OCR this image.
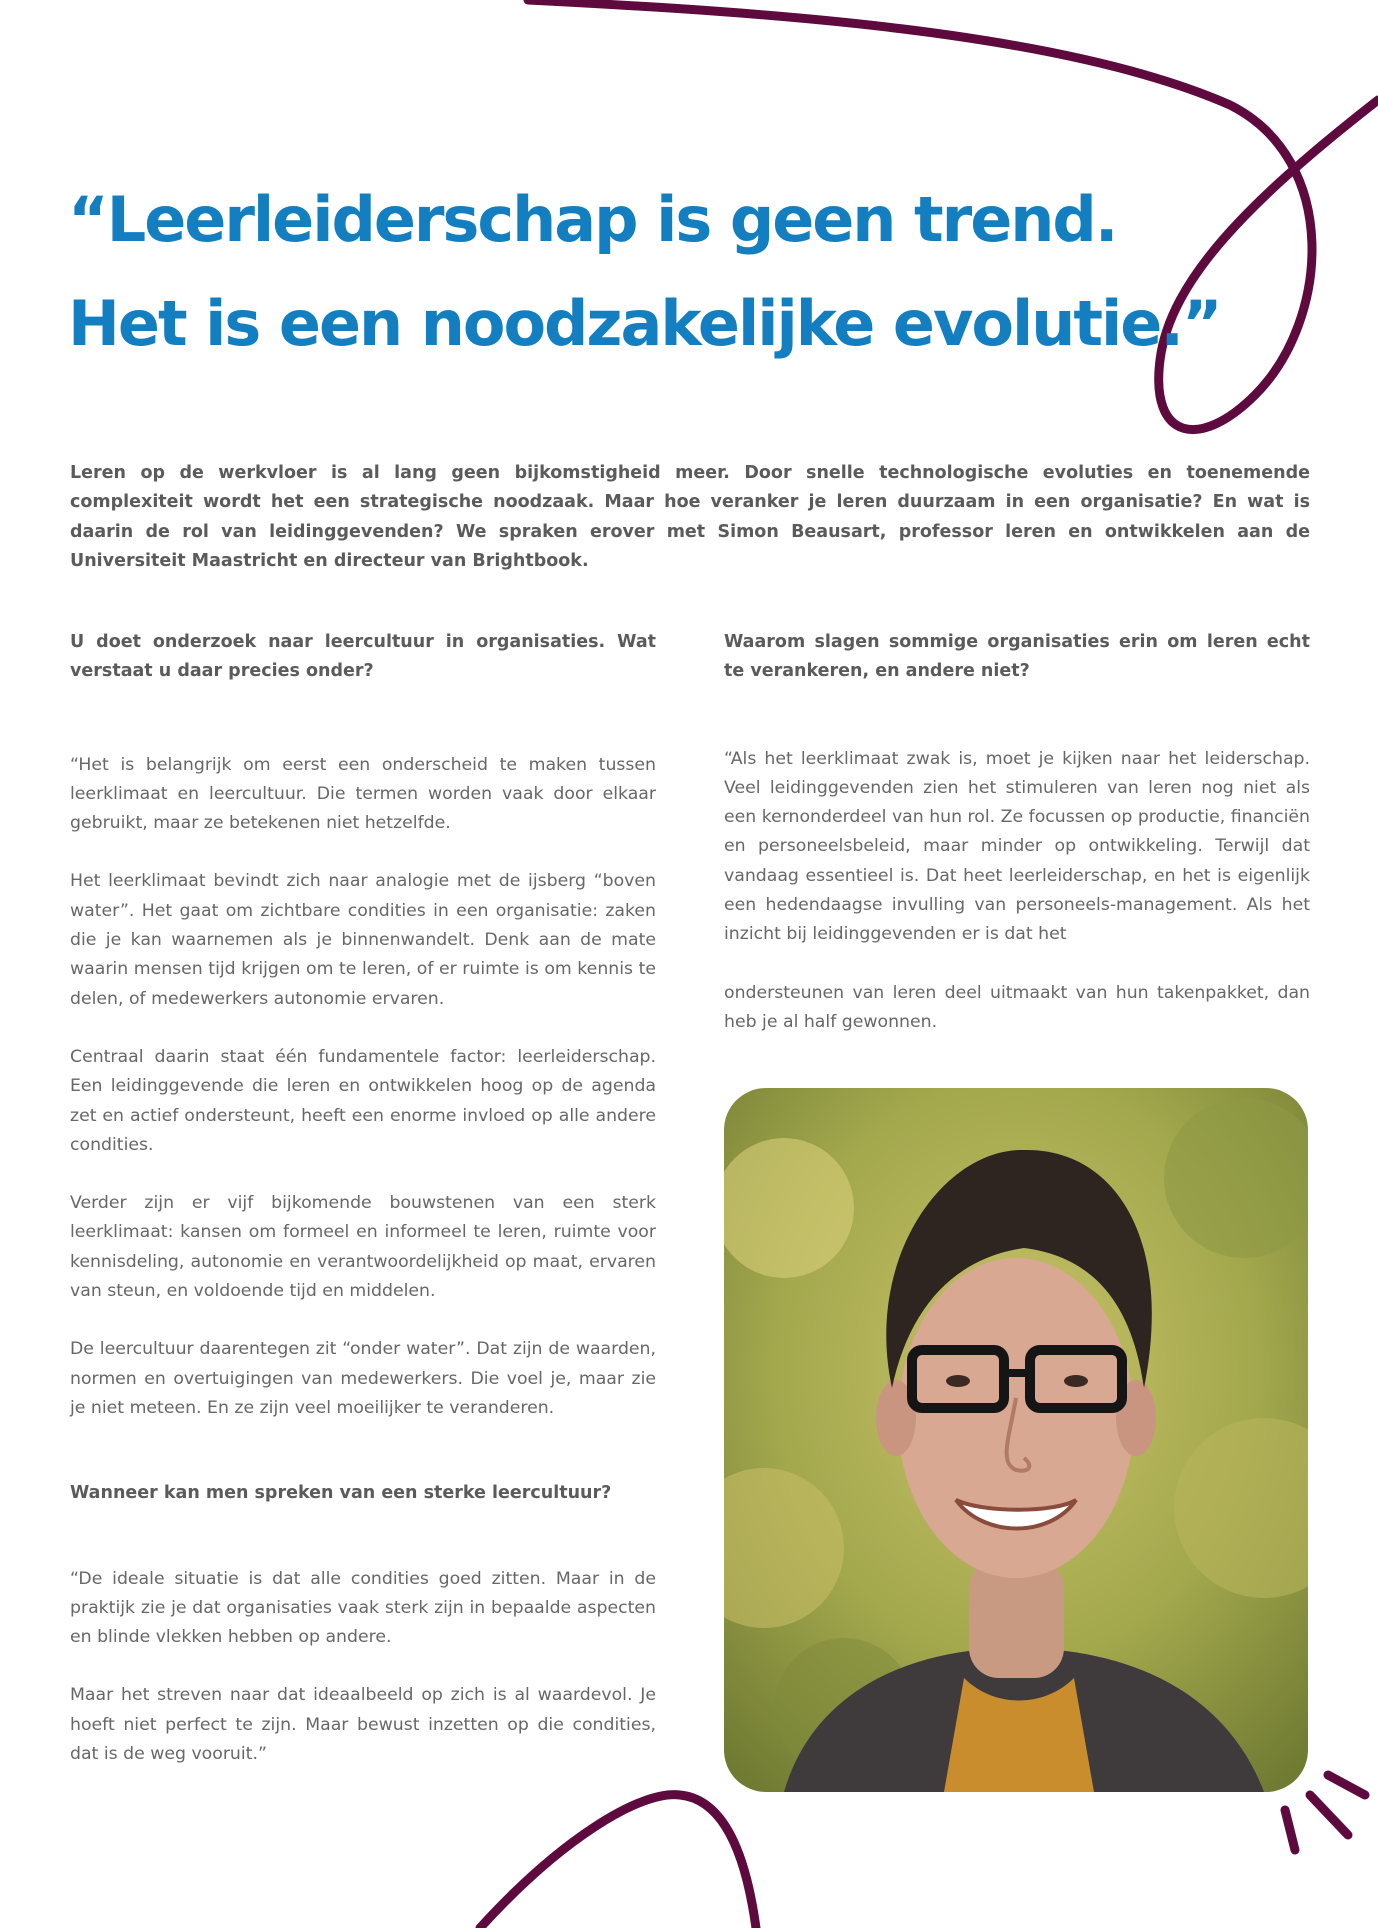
“Leerleiderschap is geen trend.
Het is een noodzakelijke evolutie.”

Leren op de werkvloer is al lang geen bijkomstigheid meer. Door snelle technologische evoluties en toenemende complexiteit wordt het een strategische noodzaak. Maar hoe veranker je leren duurzaam in een organisatie? En wat is daarin de rol van leidinggevenden? We spraken erover met Simon Beausart, professor leren en ontwikkelen aan de Universiteit Maastricht en directeur van Brightbook.

U doet onderzoek naar leercultuur in organisaties. Wat verstaat u daar precies onder?

“Het is belangrijk om eerst een onderscheid te maken tussen leerklimaat en leercultuur. Die termen worden vaak door elkaar gebruikt, maar ze betekenen niet hetzelfde.

Het leerklimaat bevindt zich naar analogie met de ijsberg “boven water”. Het gaat om zichtbare condities in een organisatie: zaken die je kan waarnemen als je binnenwandelt. Denk aan de mate waarin mensen tijd krijgen om te leren, of er ruimte is om kennis te delen, of medewerkers autonomie ervaren.

Centraal daarin staat één fundamentele factor: leerleiderschap. Een leidinggevende die leren en ontwikkelen hoog op de agenda zet en actief ondersteunt, heeft een enorme invloed op alle andere condities.

Verder zijn er vijf bijkomende bouwstenen van een sterk leerklimaat: kansen om formeel en informeel te leren, ruimte voor kennisdeling, autonomie en verantwoordelijkheid op maat, ervaren van steun, en voldoende tijd en middelen.

De leercultuur daarentegen zit “onder water”. Dat zijn de waarden, normen en overtuigingen van medewerkers. Die voel je, maar zie je niet meteen. En ze zijn veel moeilijker te veranderen.

Wanneer kan men spreken van een sterke leercultuur?

“De ideale situatie is dat alle condities goed zitten. Maar in de praktijk zie je dat organisaties vaak sterk zijn in bepaalde aspecten en blinde vlekken hebben op andere.

Maar het streven naar dat ideaalbeeld op zich is al waardevol. Je hoeft niet perfect te zijn. Maar bewust inzetten op die condities, dat is de weg vooruit.”

Waarom slagen sommige organisaties erin om leren echt te verankeren, en andere niet?

“Als het leerklimaat zwak is, moet je kijken naar het leiderschap. Veel leidinggevenden zien het stimuleren van leren nog niet als een kernonderdeel van hun rol. Ze focussen op productie, financiën en personeelsbeleid, maar minder op ontwikkeling. Terwijl dat vandaag essentieel is. Dat heet leerleiderschap, en het is eigenlijk een hedendaagse invulling van personeels-management. Als het inzicht bij leidinggevenden er is dat het

ondersteunen van leren deel uitmaakt van hun takenpakket, dan heb je al half gewonnen.
